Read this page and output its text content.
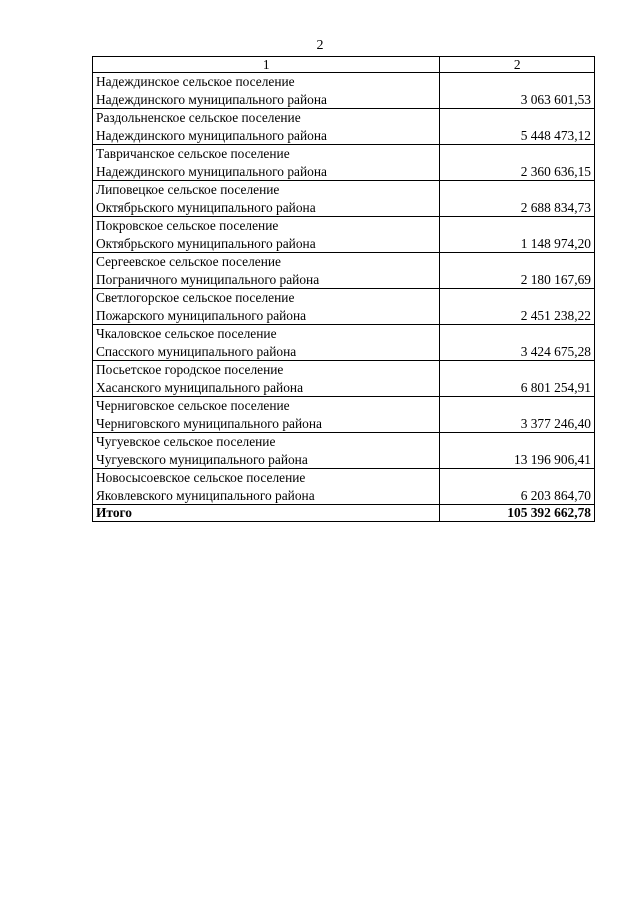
2
1	2

Надеждинское сельское поселение
Надеждинского муниципального района	3 063 601,53

Раздольненское сельское поселение
Надеждинского муниципального района	5 448 473,12

Тавричанское сельское поселение
Надеждинского муниципального района	2 360 636,15

Липовецкое сельское поселение
Октябрьского муниципального района	2 688 834,73

Покровское сельское поселение
Октябрьского муниципального района	1 148 974,20

Сергеевское сельское поселение
Пограничного муниципального района	2 180 167,69

Светлогорское сельское поселение
Пожарского муниципального района	2 451 238,22

Чкаловское сельское поселение
Спасского муниципального района	3 424 675,28

Посьетское городское поселение
Хасанского муниципального района	6 801 254,91

Черниговское сельское поселение
Черниговского муниципального района	3 377 246,40

Чугуевское сельское поселение
Чугуевского муниципального района	13 196 906,41

Новосысоевское сельское поселение
Яковлевского муниципального района	6 203 864,70
Итого	105 392 662,78
